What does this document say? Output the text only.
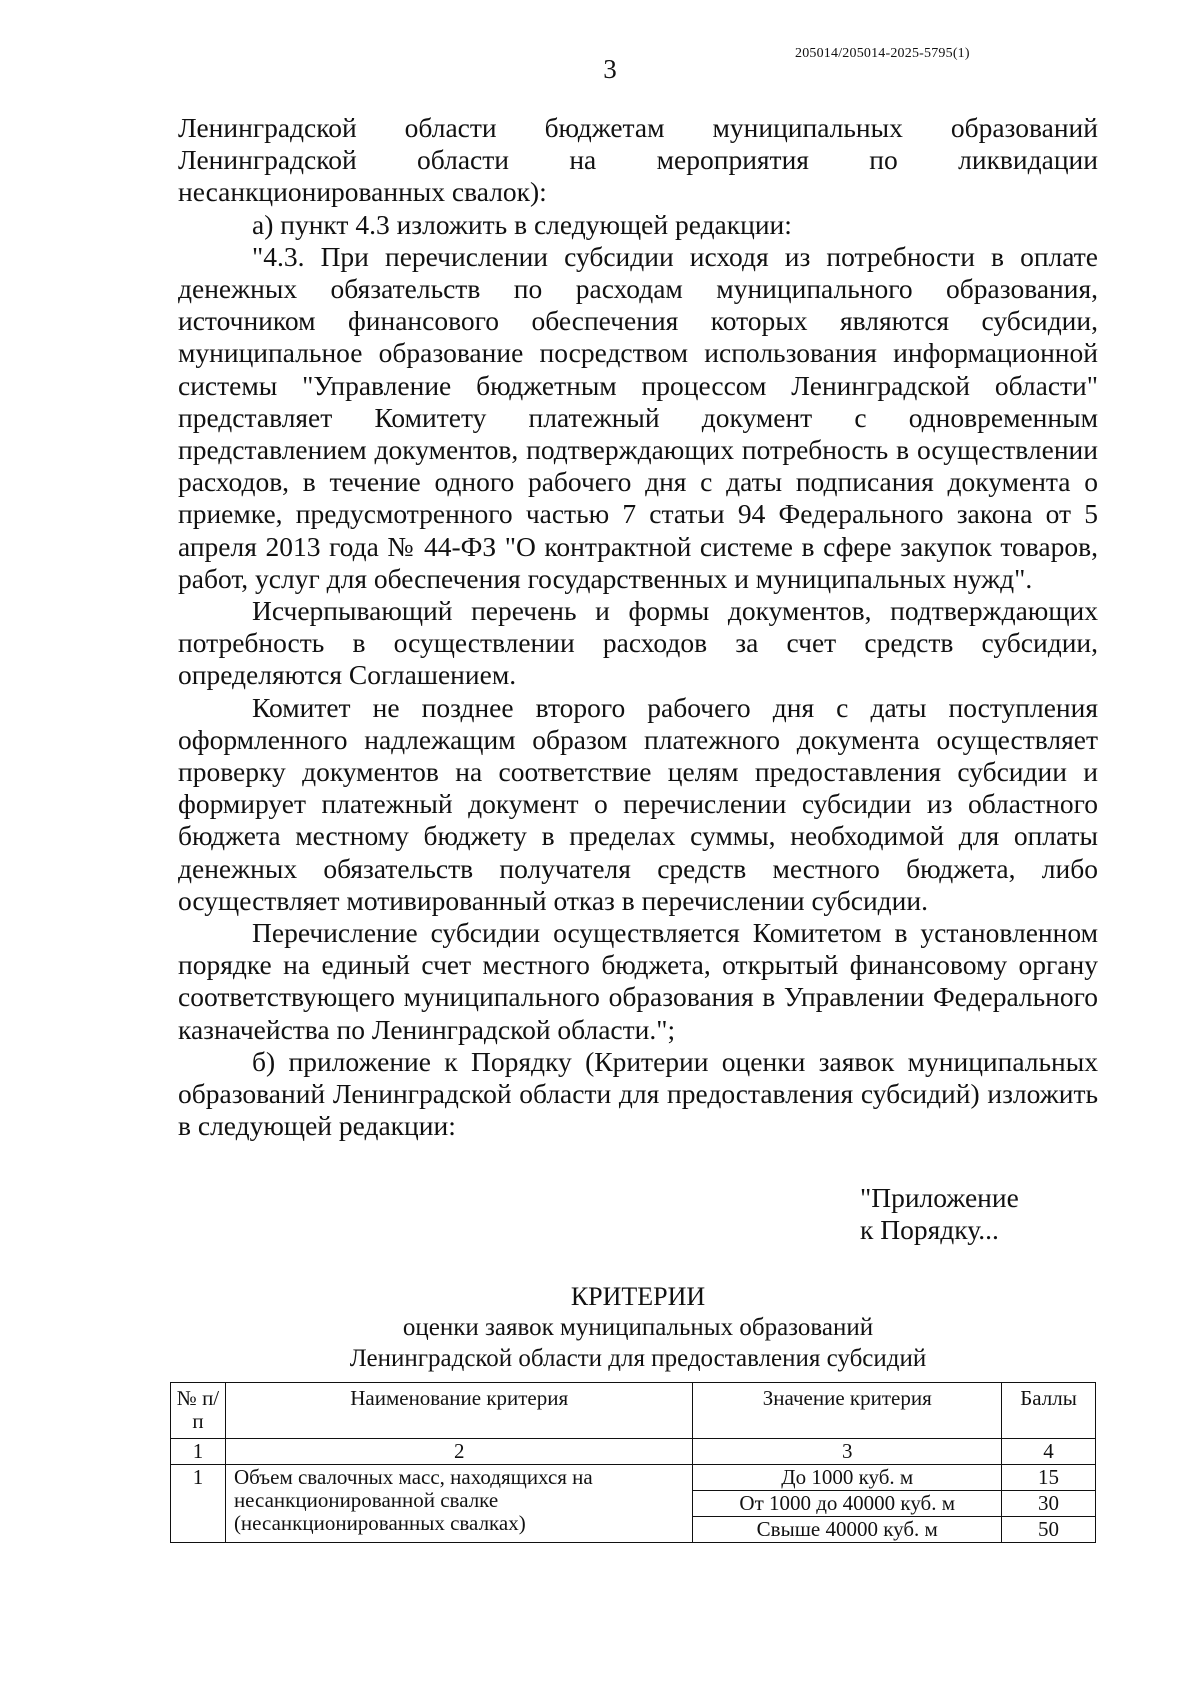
3
205014/205014-2025-5795(1)

Ленинградской области бюджетам муниципальных образований Ленинградской области на мероприятия по ликвидации несанкционированных свалок):

а) пункт 4.3 изложить в следующей редакции:

"4.3. При перечислении субсидии исходя из потребности в оплате денежных обязательств по расходам муниципального образования, источником финансового обеспечения которых являются субсидии, муниципальное образование посредством использования информационной системы "Управление бюджетным процессом Ленинградской области" представляет Комитету платежный документ с одновременным представлением документов, подтверждающих потребность в осуществлении расходов, в течение одного рабочего дня с даты подписания документа о приемке, предусмотренного частью 7 статьи 94 Федерального закона от 5 апреля 2013 года № 44-ФЗ "О контрактной системе в сфере закупок товаров, работ, услуг для обеспечения государственных и муниципальных нужд".

Исчерпывающий перечень и формы документов, подтверждающих потребность в осуществлении расходов за счет средств субсидии, определяются Соглашением.

Комитет не позднее второго рабочего дня с даты поступления оформленного надлежащим образом платежного документа осуществляет проверку документов на соответствие целям предоставления субсидии и формирует платежный документ о перечислении субсидии из областного бюджета местному бюджету в пределах суммы, необходимой для оплаты денежных обязательств получателя средств местного бюджета, либо осуществляет мотивированный отказ в перечислении субсидии.

Перечисление субсидии осуществляется Комитетом в установленном порядке на единый счет местного бюджета, открытый финансовому органу соответствующего муниципального образования в Управлении Федерального казначейства по Ленинградской области.";

б) приложение к Порядку (Критерии оценки заявок муниципальных образований Ленинградской области для предоставления субсидий) изложить в следующей редакции:

"Приложение
к Порядку...
КРИТЕРИИ
оценки заявок муниципальных образований
Ленинградской области для предоставления субсидий
№ п/п	Наименование критерия	Значение критерия	Баллы
1	2	3	4
1	Объем свалочных масс, находящихся на несанкционированной свалке (несанкционированных свалках)	До 1000 куб. м	15
		От 1000 до 40000 куб. м	30
		Свыше 40000 куб. м	50
